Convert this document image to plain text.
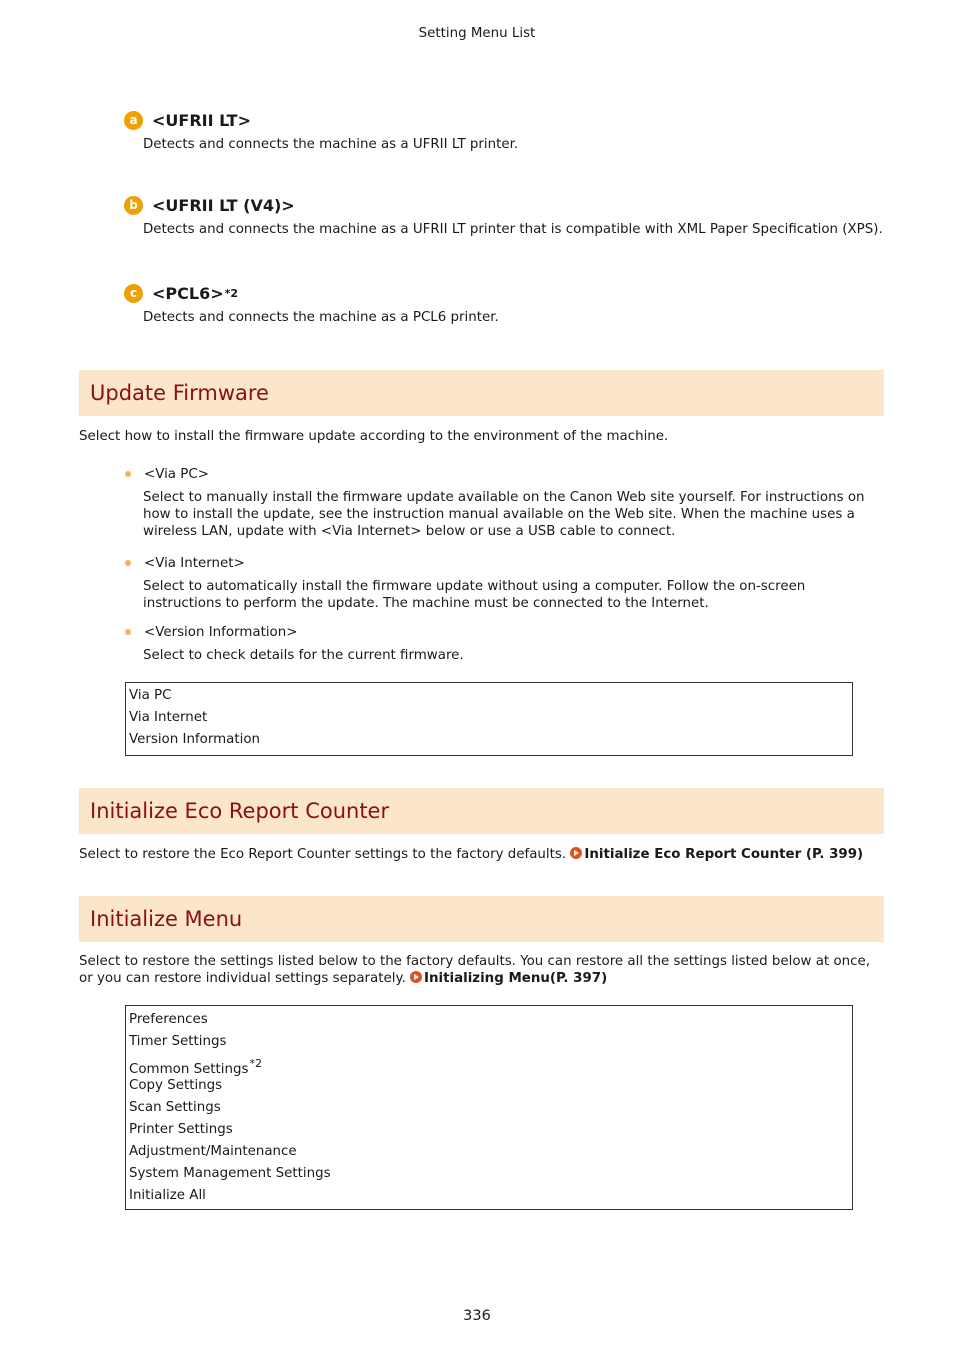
Setting Menu List
a <UFRII LT>
Detects and connects the machine as a UFRII LT printer.
b <UFRII LT (V4)>
Detects and connects the machine as a UFRII LT printer that is compatible with XML Paper Specification (XPS).
c <PCL6> *2
Detects and connects the machine as a PCL6 printer.
Update Firmware
Select how to install the firmware update according to the environment of the machine.
<Via PC>
Select to manually install the firmware update available on the Canon Web site yourself. For instructions on how to install the update, see the instruction manual available on the Web site. When the machine uses a wireless LAN, update with <Via Internet> below or use a USB cable to connect.
<Via Internet>
Select to automatically install the firmware update without using a computer. Follow the on-screen instructions to perform the update. The machine must be connected to the Internet.
<Version Information>
Select to check details for the current firmware.
Via PC
Via Internet
Version Information
Initialize Eco Report Counter
Select to restore the Eco Report Counter settings to the factory defaults. Initialize Eco Report Counter (P. 399)
Initialize Menu
Select to restore the settings listed below to the factory defaults. You can restore all the settings listed below at once, or you can restore individual settings separately. Initializing Menu(P. 397)
Preferences
Timer Settings
Common Settings$^{*2}$
Copy Settings
Scan Settings
Printer Settings
Adjustment/Maintenance
System Management Settings
Initialize All
336
